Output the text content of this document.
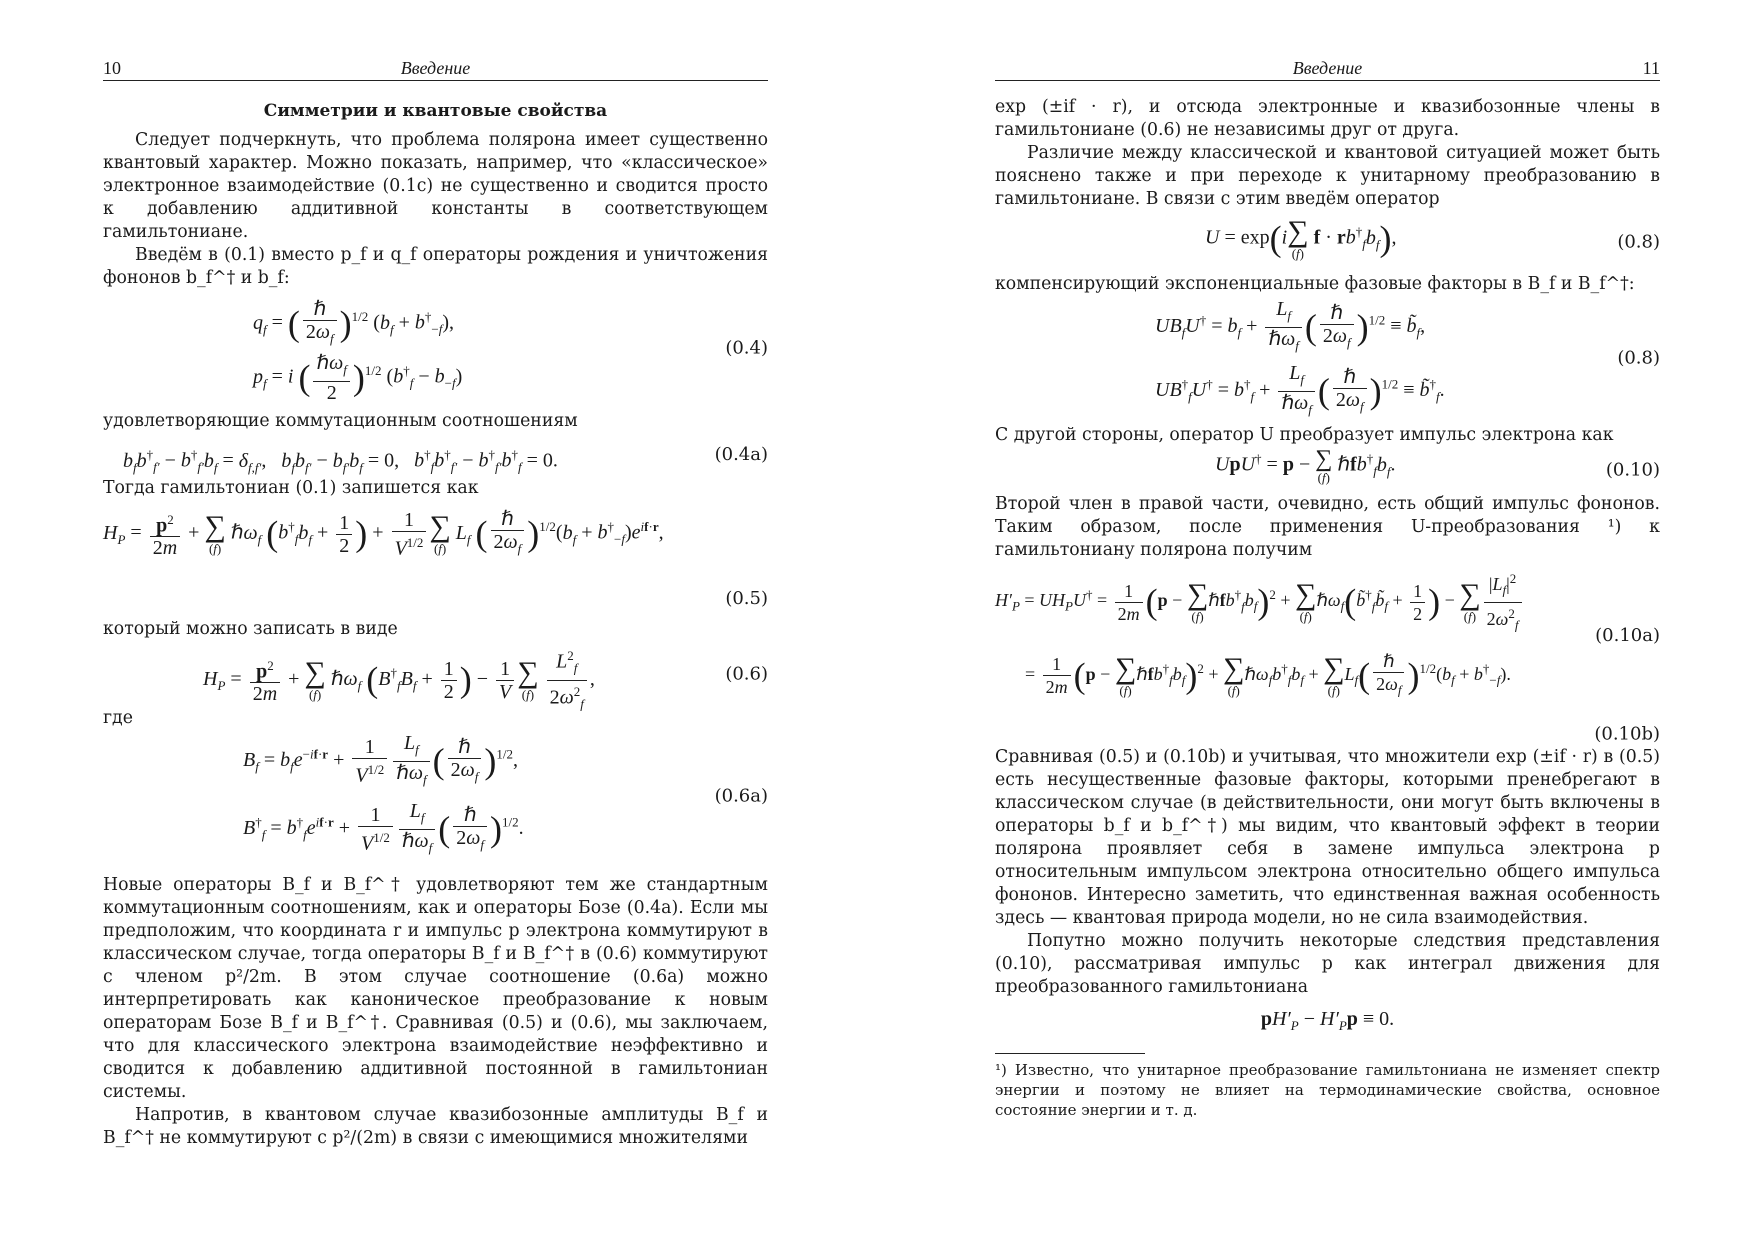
10	Введение
Симметрии и квантовые свойства

Следует подчеркнуть, что проблема полярона имеет существенно квантовый характер. Можно показать, например, что «классическое» электронное взаимодействие (0.1c) не существенно и сводится просто к добавлению аддитивной константы в соответствующем гамильтониане.

Введём в (0.1) вместо p_f и q_f операторы рождения и уничтожения фононов b_f^† и b_f:

$q_f$ = ( $\frac{\text{ℏ}}{2\omega_f} )^{1/2}$ $(b_f + b^\dagger_{-f})$,
$p_f = i$ ( $\frac{\hbar\omega_f}{2} )^{1/2}$ $(b^\dagger_f - b_{-f})$
(0.4)

удовлетворяющие коммутационным соотношениям

$b_fb^\dagger_{f'} - b^\dagger_{f'}b_f = \delta_{f,f'}$,   $b_fb_{f'} - b_{f'}b_f = 0$,   $b^\dagger_fb^\dagger_{f'} - b^\dagger_{f'}b^\dagger_f = 0$.	(0.4a)

Тогда гамильтониан (0.1) запишется как

$H_P = \frac{p^2}{2m}$ + ∑
(f)
ℏω$_f$ ($b^\dagger_fb_f + \frac{1}{2}$ ) + $\frac{1}{V^{1/2}}$ ∑
(f)
$L_f$ ( $\frac{\text{ℏ}}{2\omega_f} )^{1/2}(b_f + b^\dagger_{-f})e^{if\cdot r}$,
(0.5)

который можно записать в виде

$H_P = \frac{p^2}{2m}$ + ∑
(f)
ℏω$_f$ ($B^\dagger_fB_f + \frac{1}{2}$ ) − $\frac{1}{V}$ ∑
(f)
$\frac{L^2_f}{2\omega^2_f}$ ,	(0.6)

где

$B_f = b_fe^{-if\cdot r} + \frac{1}{V^{1/2}} \frac{L_f}{\hbar\omega_f}$ ( $\frac{\text{ℏ}}{2\omega_f} )^{1/2}$,
$B^\dagger_f = b^\dagger_fe^{if\cdot r} + \frac{1}{V^{1/2}} \frac{L_f}{\hbar\omega_f}$ ( $\frac{\text{ℏ}}{2\omega_f} )^{1/2}$.
(0.6а)

Новые операторы B_f и B_f^† удовлетворяют тем же стандартным коммутационным соотношениям, как и операторы Бозе (0.4a). Если мы предположим, что координата r и импульс p электрона коммутируют в классическом случае, тогда операторы B_f и B_f^† в (0.6) коммутируют с членом p²/2m. В этом случае соотношение (0.6a) можно интерпретировать как каноническое преобразование к новым операторам Бозе B_f и B_f^†. Сравнивая (0.5) и (0.6), мы заключаем, что для классического электрона взаимодействие неэффективно и сводится к добавлению аддитивной постоянной в гамильтониан системы.

Напротив, в квантовом случае квазибозонные амплитуды B_f и B_f^† не коммутируют с p²/(2m) в связи с имеющимися множителями

Введение	11

exp (±if · r), и отсюда электронные и квазибозонные члены в гамильтониане (0.6) не независимы друг от друга.

Различие между классической и квантовой ситуацией может быть пояснено также и при переходе к унитарному преобразованию в гамильтониане. В связи с этим введём оператор

U = exp(i ∑
(f)
$f \cdot rb^\dagger_fb_f$),	(0.8)

компенсирующий экспоненциальные фазовые факторы в B_f и B_f^†:

$UB_fU^\dagger = b_f + \frac{L_f}{\hbar\omega_f}$ ( $\frac{\text{ℏ}}{2\omega_f} )^{1/2}$ ≡ $b̃_f$,
$UB^\dagger_fU^\dagger = b^\dagger_f + \frac{L_f}{\hbar\omega_f}$ ( $\frac{\text{ℏ}}{2\omega_f} )^{1/2}$ ≡ $b̃^\dagger_f$.
(0.8)

С другой стороны, оператор U преобразует импульс электрона как

UpU† = p − ∑
(f)
$\hbar fb^\dagger_fb_f$.	(0.10)

Второй член в правой части, очевидно, есть общий импульс фононов. Таким образом, после применения U-преобразования ¹) к гамильтониану полярона получим

$H'_P = UH_PU^\dagger = \frac{1}{2m} (p$ − ∑
(f)
$\hbar fb^\dagger_fb_f)^2$ + ∑
(f)
$\hbar\omega_f(b̃^\dagger_fb̃_f + \frac{1}{2}$ ) − ∑
$(f) \frac{|L_f|^2}{2\omega^2_f}$	(0.10a)
= $\frac{1}{2m} (p$ − ∑
(f)
$\hbar fb^\dagger_fb_f)^2$ + ∑
(f)
$\hbar\omega_fb^\dagger_fb_f$ + ∑
(f)
$L_f( \frac{\text{ℏ}}{2\omega_f} )^{1/2}(b_f + b^\dagger_{-f})$.
(0.10b)

Сравнивая (0.5) и (0.10b) и учитывая, что множители exp (±if · r) в (0.5) есть несущественные фазовые факторы, которыми пренебрегают в классическом случае (в действительности, они могут быть включены в операторы b_f и b_f^†) мы видим, что квантовый эффект в теории полярона проявляет себя в замене импульса электрона p относительным импульсом электрона относительно общего импульса фононов. Интересно заметить, что единственная важная особенность здесь — квантовая природа модели, но не сила взаимодействия.

Попутно можно получить некоторые следствия представления (0.10), рассматривая импульс p как интеграл движения для преобразованного гамильтониана

$pH'_P - H'_Pp \equiv 0$.

¹) Известно, что унитарное преобразование гамильтониана не изменяет спектр энергии и поэтому не влияет на термодинамические свойства, основное состояние энергии и т. д.
